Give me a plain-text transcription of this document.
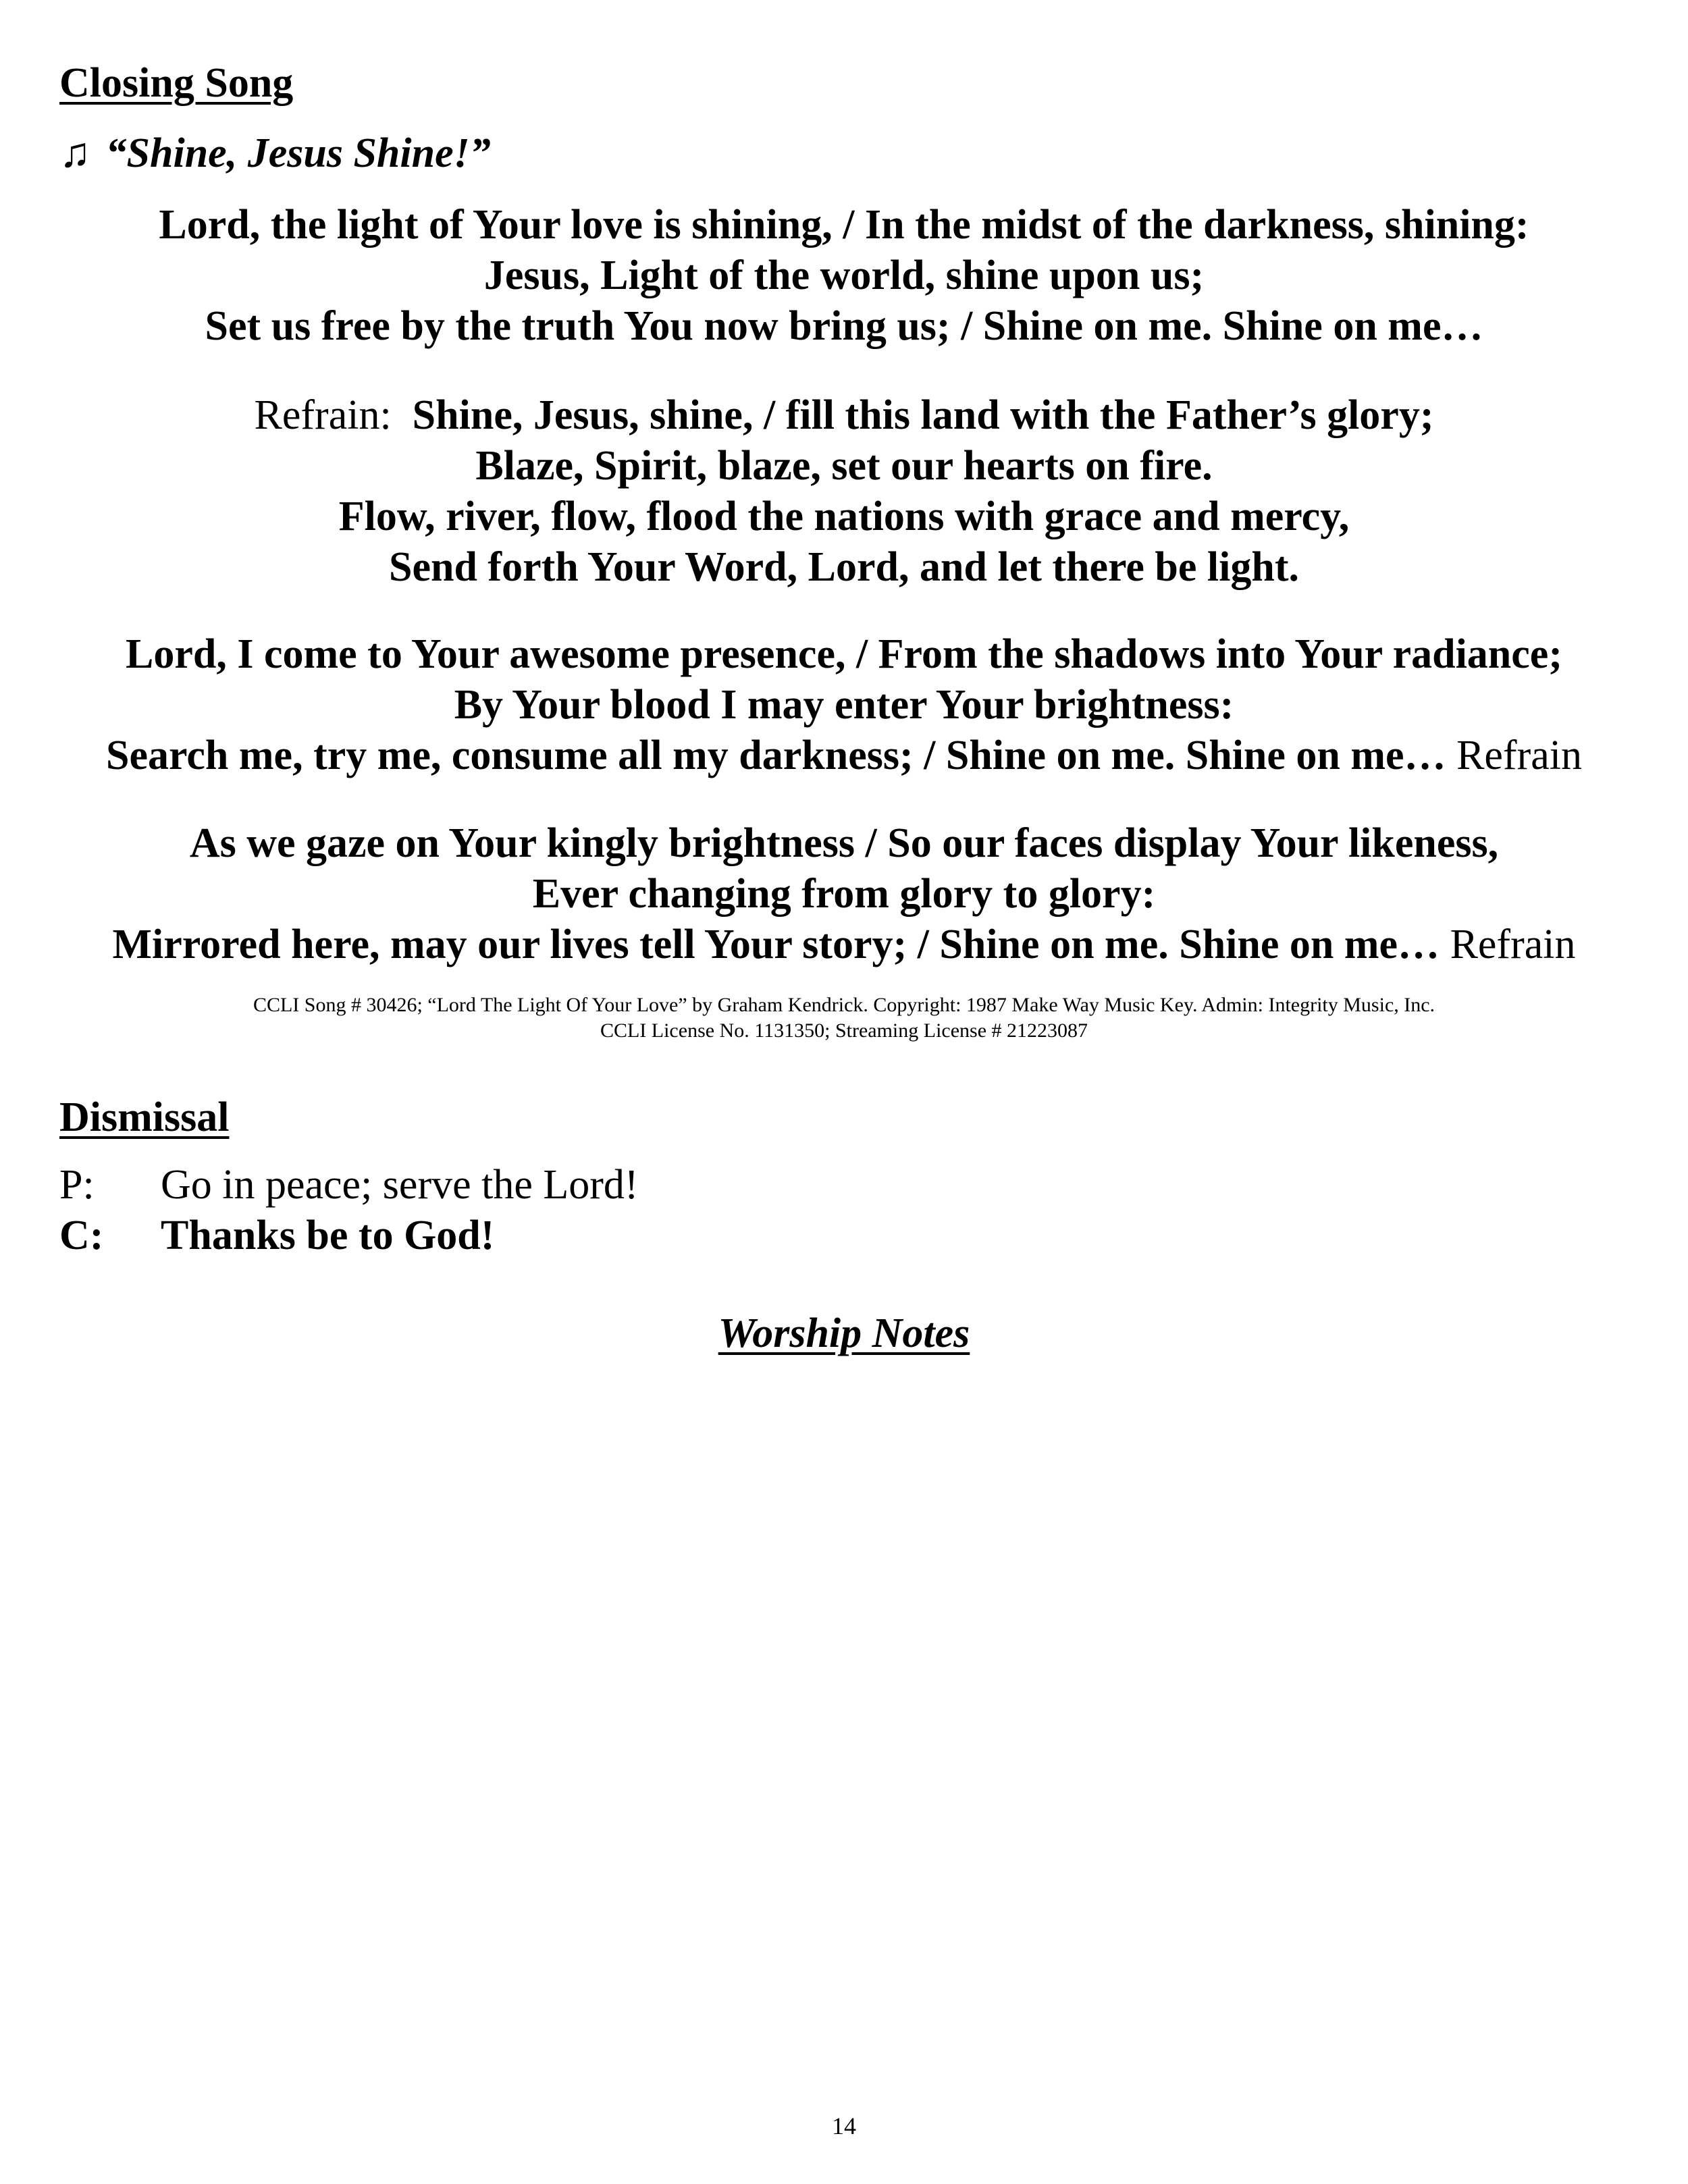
Closing Song
♫ “Shine, Jesus Shine!”
Lord, the light of Your love is shining, / In the midst of the darkness, shining:
Jesus, Light of the world, shine upon us;
Set us free by the truth You now bring us; / Shine on me. Shine on me…
Refrain: Shine, Jesus, shine, / fill this land with the Father’s glory;
Blaze, Spirit, blaze, set our hearts on fire.
Flow, river, flow, flood the nations with grace and mercy,
Send forth Your Word, Lord, and let there be light.
Lord, I come to Your awesome presence, / From the shadows into Your radiance;
By Your blood I may enter Your brightness:
Search me, try me, consume all my darkness; / Shine on me. Shine on me… Refrain
As we gaze on Your kingly brightness / So our faces display Your likeness,
Ever changing from glory to glory:
Mirrored here, may our lives tell Your story; / Shine on me. Shine on me… Refrain
CCLI Song # 30426; “Lord The Light Of Your Love” by Graham Kendrick. Copyright: 1987 Make Way Music Key. Admin: Integrity Music, Inc.
CCLI License No. 1131350; Streaming License # 21223087
Dismissal
P: Go in peace; serve the Lord!
C: Thanks be to God!
Worship Notes
14
